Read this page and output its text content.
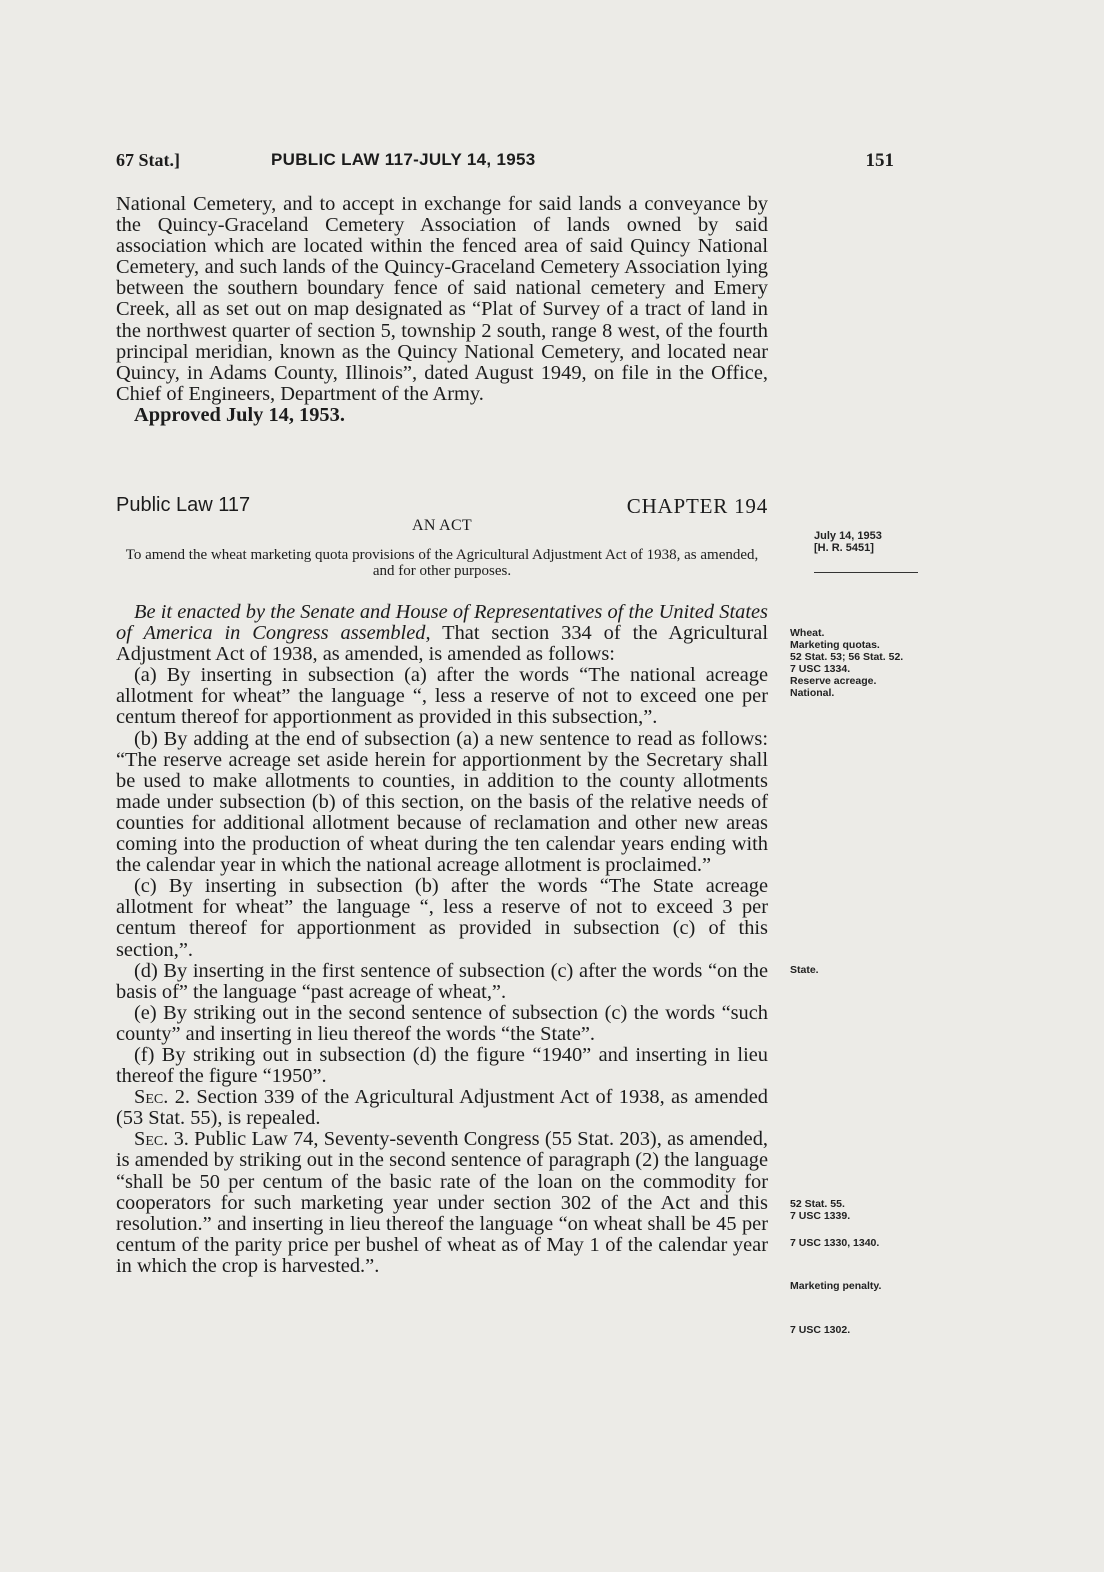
67 Stat.]	PUBLIC LAW 117-JULY 14, 1953	151

National Cemetery, and to accept in exchange for said lands a conveyance by the Quincy-Graceland Cemetery Association of lands owned by said association which are located within the fenced area of said Quincy National Cemetery, and such lands of the Quincy-Graceland Cemetery Association lying between the southern boundary fence of said national cemetery and Emery Creek, all as set out on map designated as “Plat of Survey of a tract of land in the northwest quarter of section 5, township 2 south, range 8 west, of the fourth principal meridian, known as the Quincy National Cemetery, and located near Quincy, in Adams County, Illinois”, dated August 1949, on file in the Office, Chief of Engineers, Department of the Army.

Approved July 14, 1953.

Public Law 117	CHAPTER 194
AN ACT
To amend the wheat marketing quota provisions of the Agricultural Adjustment Act of 1938, as amended, and for other purposes.

Be it enacted by the Senate and House of Representatives of the United States of America in Congress assembled, That section 334 of the Agricultural Adjustment Act of 1938, as amended, is amended as follows:

(a) By inserting in subsection (a) after the words “The national acreage allotment for wheat” the language “, less a reserve of not to exceed one per centum thereof for apportionment as provided in this subsection,”.

(b) By adding at the end of subsection (a) a new sentence to read as follows: “The reserve acreage set aside herein for apportionment by the Secretary shall be used to make allotments to counties, in addition to the county allotments made under subsection (b) of this section, on the basis of the relative needs of counties for additional allotment because of reclamation and other new areas coming into the production of wheat during the ten calendar years ending with the calendar year in which the national acreage allotment is proclaimed.”

(c) By inserting in subsection (b) after the words “The State acreage allotment for wheat” the language “, less a reserve of not to exceed 3 per centum thereof for apportionment as provided in subsection (c) of this section,”.

(d) By inserting in the first sentence of subsection (c) after the words “on the basis of” the language “past acreage of wheat,”.

(e) By striking out in the second sentence of subsection (c) the words “such county” and inserting in lieu thereof the words “the State”.

(f) By striking out in subsection (d) the figure “1940” and inserting in lieu thereof the figure “1950”.

Sec. 2. Section 339 of the Agricultural Adjustment Act of 1938, as amended (53 Stat. 55), is repealed.

Sec. 3. Public Law 74, Seventy-seventh Congress (55 Stat. 203), as amended, is amended by striking out in the second sentence of paragraph (2) the language “shall be 50 per centum of the basic rate of the loan on the commodity for cooperators for such marketing year under section 302 of the Act and this resolution.” and inserting in lieu thereof the language “on wheat shall be 45 per centum of the parity price per bushel of wheat as of May 1 of the calendar year in which the crop is harvested.”.

July 14, 1953
[H. R. 5451]
Wheat.
Marketing quotas.
52 Stat. 53; 56 Stat. 52.
7 USC 1334.
Reserve acreage.
National.
State.
52 Stat. 55.
7 USC 1339.
7 USC 1330, 1340.
Marketing penalty.
7 USC 1302.
